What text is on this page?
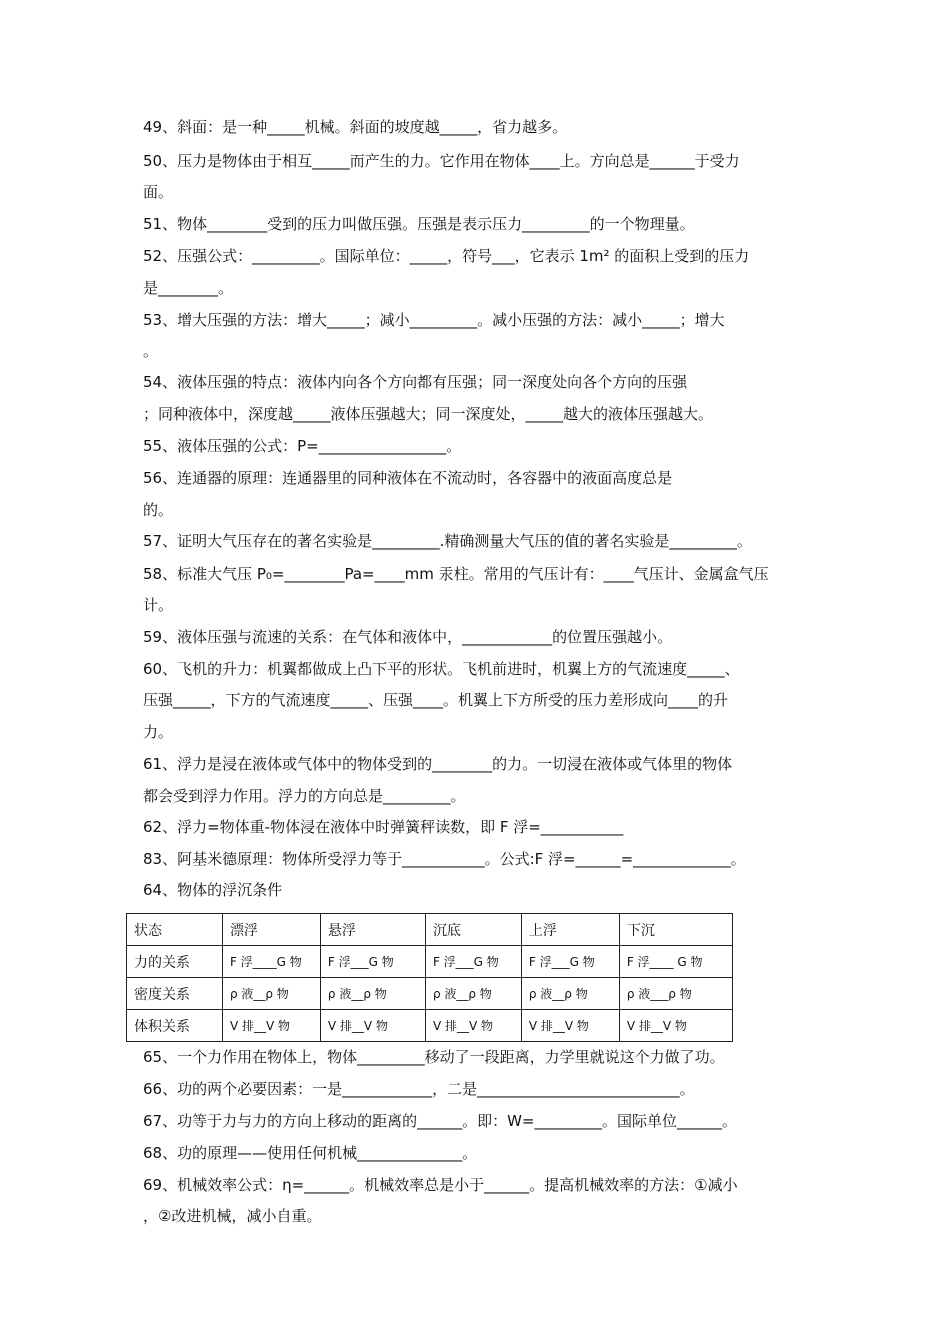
49、斜面：是一种_____机械。斜面的坡度越_____，省力越多。
50、压力是物体由于相互_____而产生的力。它作用在物体____上。方向总是______于受力
面。
51、物体________受到的压力叫做压强。压强是表示压力_________的一个物理量。
52、压强公式：_________。国际单位：_____，符号___，它表示 1m² 的面积上受到的压力
是________。
53、增大压强的方法：增大_____；减小_________。减小压强的方法：减小_____；增大
。
54、液体压强的特点：液体内向各个方向都有压强；同一深度处向各个方向的压强
；同种液体中，深度越_____液体压强越大；同一深度处，_____越大的液体压强越大。
55、液体压强的公式：P=_________________。
56、连通器的原理：连通器里的同种液体在不流动时，各容器中的液面高度总是
的。
57、证明大气压存在的著名实验是_________.精确测量大气压的值的著名实验是_________。
58、标准大气压 P₀=________Pa=____mm 汞柱。常用的气压计有：____气压计、金属盒气压
计。
59、液体压强与流速的关系：在气体和液体中，____________的位置压强越小。
60、飞机的升力：机翼都做成上凸下平的形状。飞机前进时，机翼上方的气流速度_____、
压强_____，下方的气流速度_____、压强____。机翼上下方所受的压力差形成向____的升
力。
61、浮力是浸在液体或气体中的物体受到的________的力。一切浸在液体或气体里的物体
都会受到浮力作用。浮力的方向总是_________。
62、浮力=物体重-物体浸在液体中时弹簧秤读数，即 F 浮=___________
83、阿基米德原理：物体所受浮力等于___________。公式:F 浮=______=_____________。
64、物体的浮沉条件
状态	漂浮	悬浮	沉底	上浮	下沉
力的关系	F 浮____G 物	F 浮___G 物	F 浮___G 物	F 浮___G 物	F 浮____ G 物
密度关系	ρ 液__ρ 物	ρ 液__ρ 物	ρ 液__ρ 物	ρ 液__ρ 物	ρ 液___ρ 物
体积关系	V 排__V 物	V 排__V 物	V 排__V 物	V 排__V 物	V 排__V 物
65、一个力作用在物体上，物体_________移动了一段距离，力学里就说这个力做了功。
66、功的两个必要因素：一是____________，二是___________________________。
67、功等于力与力的方向上移动的距离的______。即：W=_________。国际单位______。
68、功的原理——使用任何机械______________。
69、机械效率公式：η=______。机械效率总是小于______。提高机械效率的方法：①减小
，②改进机械，减小自重。
